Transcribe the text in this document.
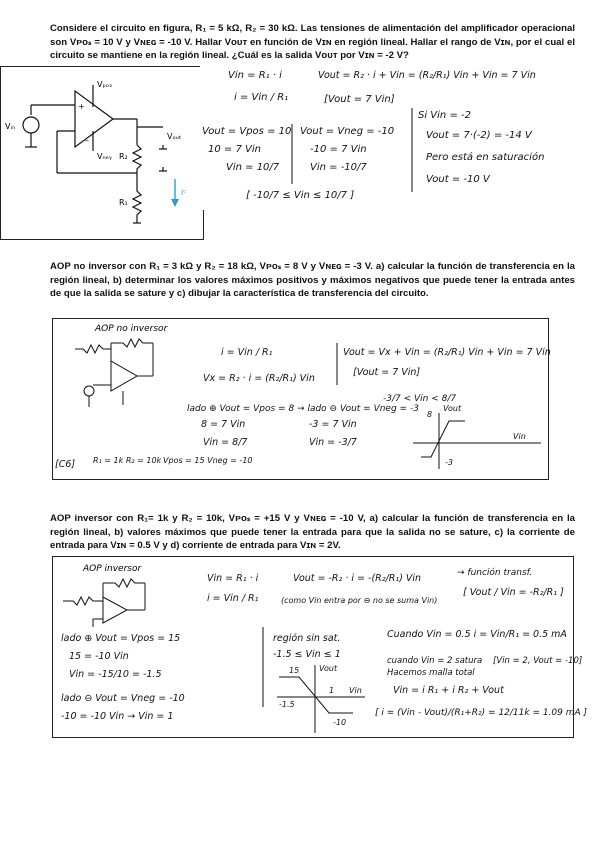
Considere el circuito en figura, R₁ = 5 kΩ, R₂ = 30 kΩ. Las tensiones de alimentación del amplificador operacional son Vᴘᴏₛ = 10 V y Vɴᴇɢ = -10 V. Hallar Vᴏᴜᴛ en función de Vɪɴ en región lineal. Hallar el rango de Vɪɴ, por el cual el circuito se mantiene en la región lineal. ¿Cuál es la salida Vᴏᴜᴛ por Vɪɴ = -2 V?

–
+
Vₚₒₛ
Vₙₑᵧ
Vᵢₙ
Vₒᵤₜ
R₂
R₁
iᶜ
Vin = R₁ · i
i = Vin / R₁
Vout = R₂ · i + Vin = (R₂/R₁) Vin + Vin = 7 Vin
[Vout = 7 Vin]
Vout = Vpos = 10
10 = 7 Vin
Vin = 10/7
Vout = Vneg = -10
-10 = 7 Vin
Vin = -10/7
[ -10/7 ≤ Vin ≤ 10/7 ]
Si Vin = -2
Vout = 7·(-2) = -14 V
Pero está en saturación
Vout = -10 V

AOP no inversor con R₁ = 3 kΩ y R₂ = 18 kΩ, Vᴘᴏₛ = 8 V y Vɴᴇɢ = -3 V. a) calcular la función de transferencia en la región lineal, b) determinar los valores máximos positivos y máximos negativos que puede tener la entrada antes de que la salida se sature y c) dibujar la característica de transferencia del circuito.

AOP no inversor
i = Vin / R₁
Vx = R₂ · i = (R₂/R₁) Vin
Vout = Vx + Vin = (R₂/R₁) Vin + Vin = 7 Vin
[Vout = 7 Vin]
lado ⊕ Vout = Vpos = 8 → lado ⊖ Vout = Vneg = -3
8 = 7 Vin
Vin = 8/7
-3 = 7 Vin
Vin = -3/7
-3/7 < Vin < 8/7
[C6] R₁ = 1k R₂ = 10k Vpos = 15 Vneg = -10
8
-3
Vout
Vin

AOP inversor con R₁= 1k y R₂ = 10k, Vᴘᴏₛ = +15 V y Vɴᴇɢ = -10 V, a) calcular la función de transferencia en la región lineal, b) valores máximos que puede tener la entrada para que la salida no se sature, c) la corriente de entrada para Vɪɴ = 0.5 V y d) corriente de entrada para Vɪɴ = 2V.

AOP inversor
Vin = R₁ · i
i = Vin / R₁	(como Vin entra por ⊖ no se suma Vin)
Vout = -R₂ · i = -(R₂/R₁) Vin	→ función transf.
[ Vout / Vin = -R₂/R₁ ]
lado ⊕ Vout = Vpos = 15
15 = -10 Vin
Vin = -15/10 = -1.5
lado ⊖ Vout = Vneg = -10
-10 = -10 Vin → Vin = 1
región sin sat.
-1.5 ≤ Vin ≤ 1
Cuando Vin = 0.5 i = Vin/R₁ = 0.5 mA
cuando Vin = 2 satura
Hacemos malla total
[Vin = 2, Vout = -10]
Vin = i R₁ + i R₂ + Vout
[ i = (Vin - Vout)/(R₁+R₂) = 12/11k = 1.09 mA ]
15
-10
-1.5
1
Vout
Vin
